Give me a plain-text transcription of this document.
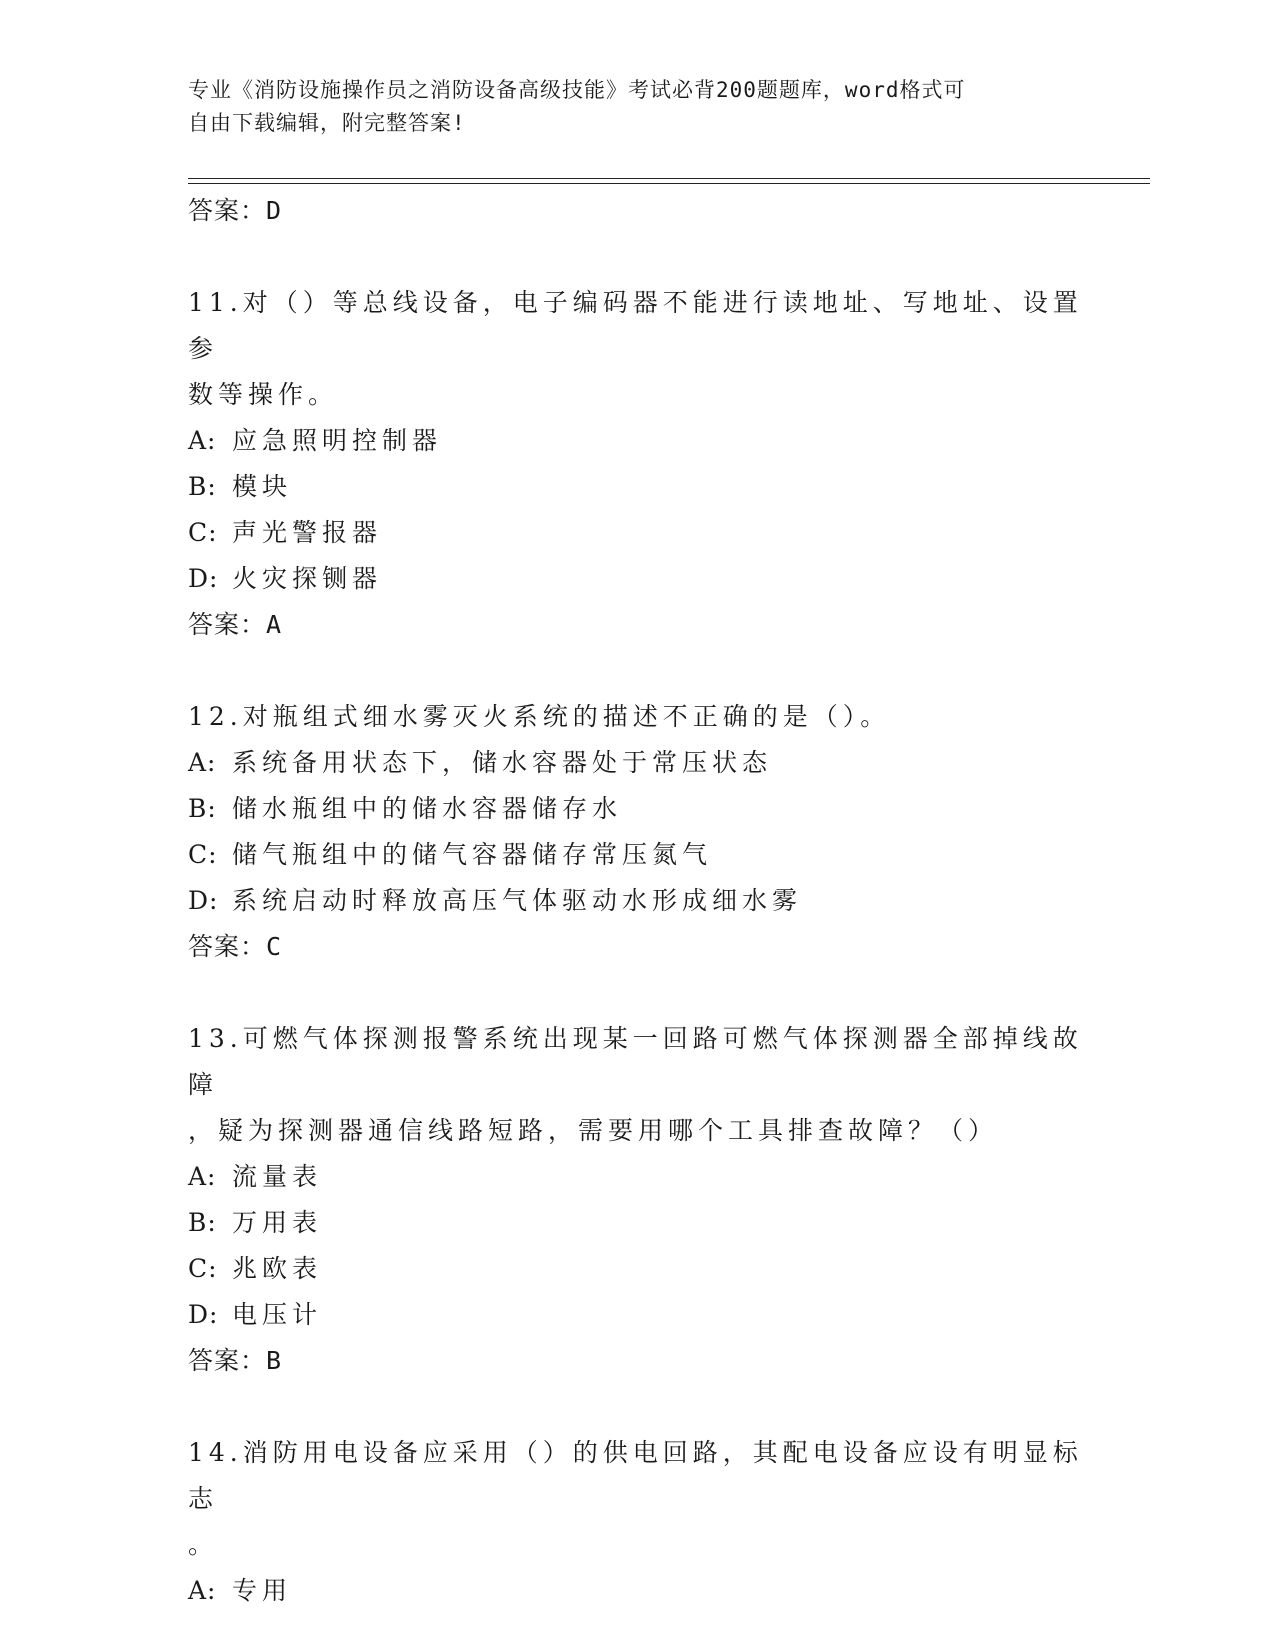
专业《消防设施操作员之消防设备高级技能》考试必背200题题库，word格式可
自由下载编辑，附完整答案!

答案：D

11.对（）等总线设备，电子编码器不能进行读地址、写地址、设置参

数等操作。

A: 应急照明控制器

B: 模块

C: 声光警报器

D: 火灾探铡器

答案：A

12.对瓶组式细水雾灭火系统的描述不正确的是（）。

A: 系统备用状态下，储水容器处于常压状态

B: 储水瓶组中的储水容器储存水

C: 储气瓶组中的储气容器储存常压氮气

D: 系统启动时释放高压气体驱动水形成细水雾

答案：C

13.可燃气体探测报警系统出现某一回路可燃气体探测器全部掉线故障

，疑为探测器通信线路短路，需要用哪个工具排查故障？（）

A: 流量表

B: 万用表

C: 兆欧表

D: 电压计

答案：B

14.消防用电设备应采用（）的供电回路，其配电设备应设有明显标志

。

A: 专用
